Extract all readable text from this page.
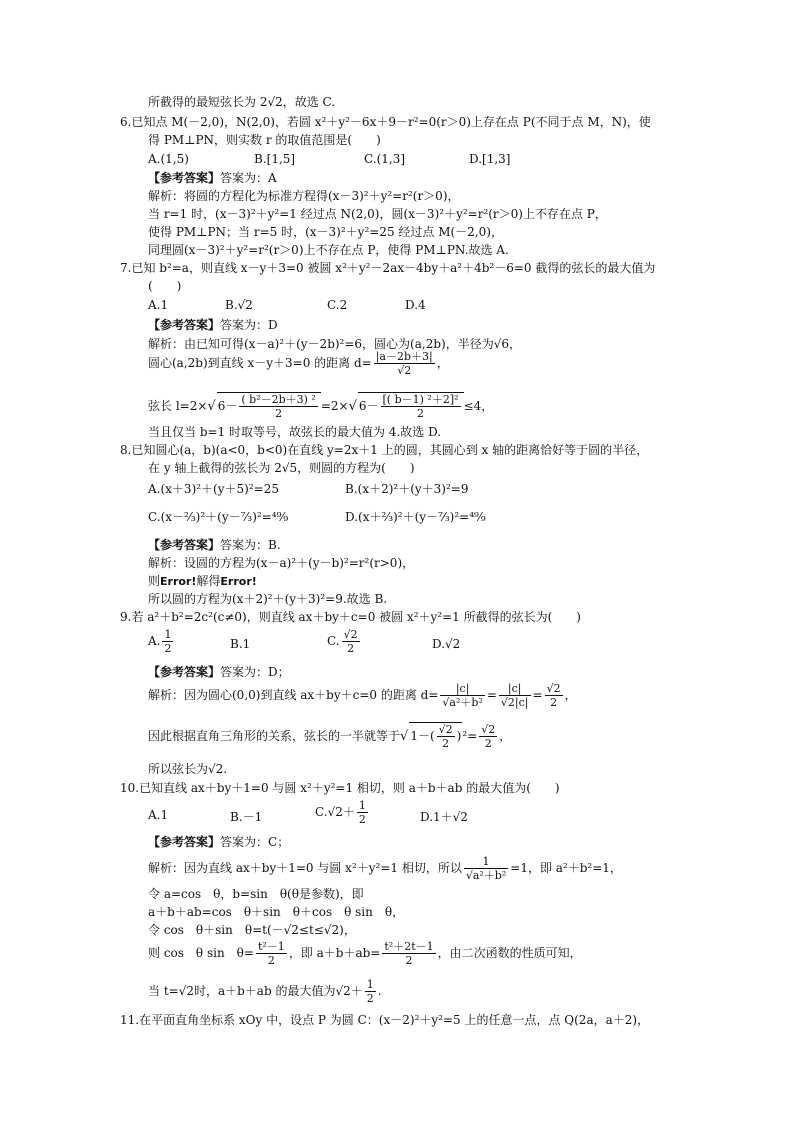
所截得的最短弦长为 2√2，故选 C.
6.已知点 M(－2,0)，N(2,0)，若圆 x²＋y²－6x＋9－r²=0(r＞0)上存在点 P(不同于点 M，N)，使
得 PM⊥PN，则实数 r 的取值范围是(　　)
A.(1,5)	B.[1,5]	C.(1,3]	D.[1,3]
【参考答案】答案为：A
解析：将圆的方程化为标准方程得(x－3)²＋y²=r²(r＞0)，
当 r=1 时，(x－3)²＋y²=1 经过点 N(2,0)，圆(x－3)²＋y²=r²(r＞0)上不存在点 P，
使得 PM⊥PN；当 r=5 时，(x－3)²＋y²=25 经过点 M(－2,0)，
同理圆(x－3)²＋y²=r²(r＞0)上不存在点 P，使得 PM⊥PN.故选 A.
7.已知 b²=a，则直线 x－y＋3=0 被圆 x²＋y²－2ax－4by＋a²＋4b²－6=0 截得的弦长的最大值为
(　　)
A.1	B.√2	C.2	D.4
【参考答案】答案为：D
解析：由已知可得(x－a)²＋(y－2b)²=6，圆心为(a,2b)，半径为√6，
圆心(a,2b)到直线 x－y＋3=0 的距离 $d= \frac{|a-2b+3|}{√2}$ ，
弦长 l=2×√ $6- \frac{\text{( b²－2b＋3) ²}}{2} =2\times√$ $6- \frac{\text{[( b－1) ²＋2]²}}{2} \le 4$，
当且仅当 b=1 时取等号，故弦长的最大值为 4.故选 D.
8.已知圆心(a，b)(a<0，b<0)在直线 y=2x＋1 上的圆，其圆心到 x 轴的距离恰好等于圆的半径，
在 y 轴上截得的弦长为 2√5，则圆的方程为(　　)
A.(x＋3)²＋(y＋5)²=25	B.(x＋2)²＋(y＋3)²=9
C.(x－⅔)²＋(y－⁷⁄₃)²=⁴⁹⁄₉	D.(x＋⅔)²＋(y－⁷⁄₃)²=⁴⁹⁄₉
【参考答案】答案为：B.
解析：设圆的方程为(x－a)²＋(y－b)²=r²(r>0)，
则Error!解得Error!
所以圆的方程为(x＋2)²＋(y＋3)²=9.故选 B.
9.若 a²＋b²=2c²(c≠0)，则直线 ax＋by＋c=0 被圆 x²＋y²=1 所截得的弦长为(　　)
A. $\frac{1}{2}$	B.1	C. $\frac{√2}{2}$	D.√2
【参考答案】答案为：D；
解析：因为圆心(0,0)到直线 ax＋by＋c=0 的距离 $d= \frac{|c|}{\text{√a²＋b²}} = \frac{|c|}{√2|c|} = \frac{√2}{2}$ ，
因此根据直角三角形的关系，弦长的一半就等于√ $1-( \frac{√2}{2} )^2= \frac{√2}{2}$ ，
所以弦长为√2.
10.已知直线 ax＋by＋1=0 与圆 x²＋y²=1 相切，则 a＋b＋ab 的最大值为(　　)
A.1	B.－1	$C.√2+ \frac{1}{2}$	D.1＋√2
【参考答案】答案为：C；
解析：因为直线 ax＋by＋1=0 与圆 x²＋y²=1 相切，所以 $\frac{1}{\text{√a²＋b²}} =1$，即 a²＋b²=1，
令 a=cos　θ，b=sin　θ(θ是参数)，即
a＋b＋ab=cos　θ＋sin　θ＋cos　θ sin　θ，
令 cos　θ＋sin　θ=t(－√2≤t≤√2)，
则 cos　θ sin　$\theta= \frac{\text{t²－1}}{2}$ ，即 $a+b+ab= \frac{\text{t²＋2t－1}}{2}$ ，由二次函数的性质可知，
当 t=√2时，a＋b＋ab 的最大值为$√2+ \frac{1}{2}$ .
11.在平面直角坐标系 xOy 中，设点 P 为圆 C：(x－2)²＋y²=5 上的任意一点，点 Q(2a，a＋2)，
